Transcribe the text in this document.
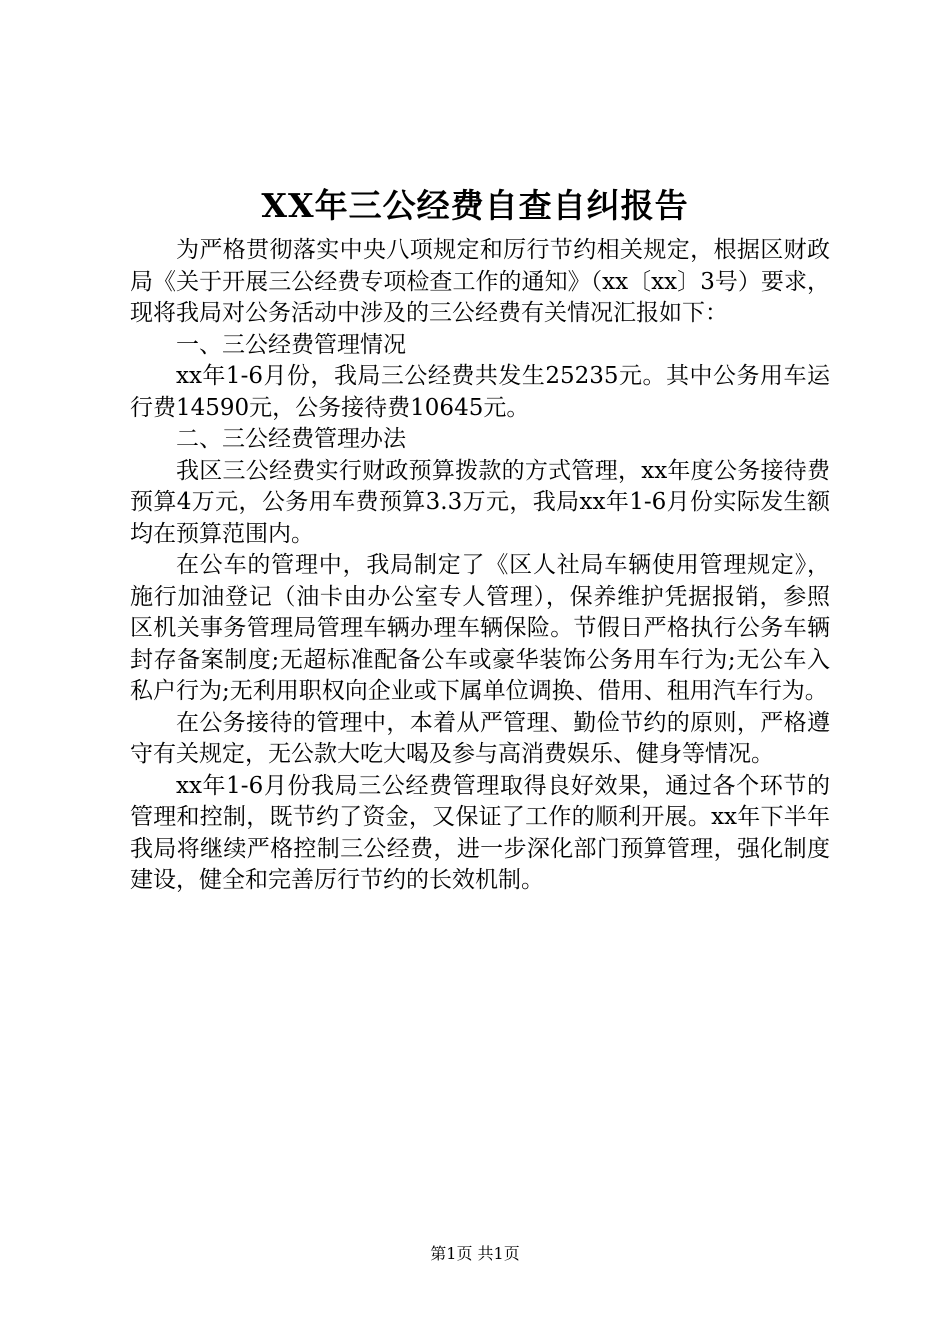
XX年三公经费自查自纠报告

为严格贯彻落实中央八项规定和厉行节约相关规定，根据区财政局《关于开展三公经费专项检查工作的通知》（xx〔xx〕3号）要求，现将我局对公务活动中涉及的三公经费有关情况汇报如下：

一、三公经费管理情况

xx年1-6月份，我局三公经费共发生25235元。其中公务用车运行费14590元，公务接待费10645元。

二、三公经费管理办法

我区三公经费实行财政预算拨款的方式管理，xx年度公务接待费预算4万元，公务用车费预算3.3万元，我局xx年1-6月份实际发生额均在预算范围内。

在公车的管理中，我局制定了《区人社局车辆使用管理规定》，施行加油登记（油卡由办公室专人管理），保养维护凭据报销，参照区机关事务管理局管理车辆办理车辆保险。节假日严格执行公务车辆封存备案制度;无超标准配备公车或豪华装饰公务用车行为;无公车入私户行为;无利用职权向企业或下属单位调换、借用、租用汽车行为。

在公务接待的管理中，本着从严管理、勤俭节约的原则，严格遵守有关规定，无公款大吃大喝及参与高消费娱乐、健身等情况。

xx年1-6月份我局三公经费管理取得良好效果，通过各个环节的管理和控制，既节约了资金，又保证了工作的顺利开展。xx年下半年我局将继续严格控制三公经费，进一步深化部门预算管理，强化制度建设，健全和完善厉行节约的长效机制。

第1页 共1页
